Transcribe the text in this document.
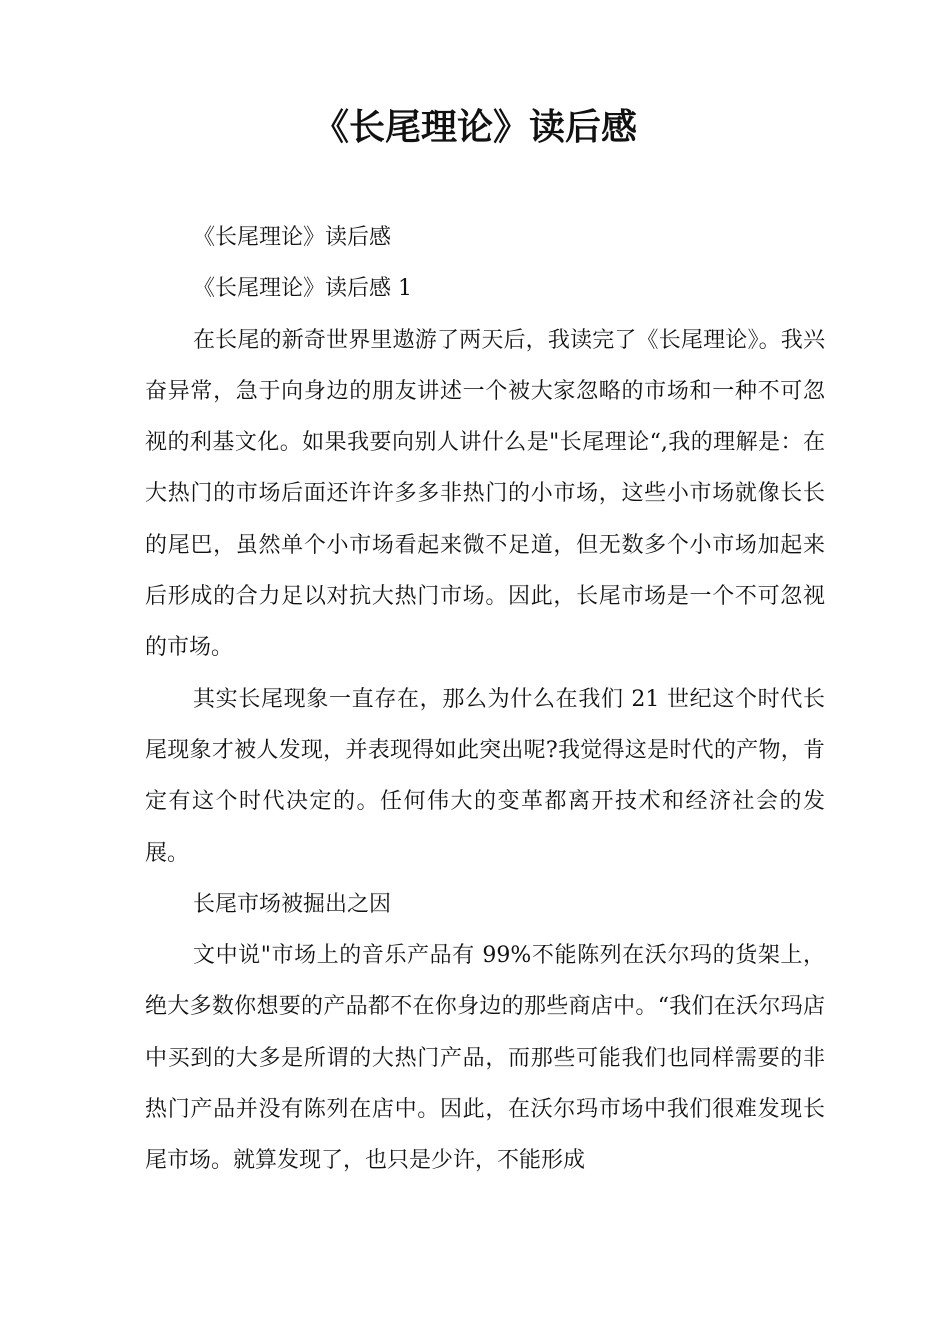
《长尾理论》读后感

《长尾理论》读后感

《长尾理论》读后感 1

在长尾的新奇世界里遨游了两天后，我读完了《长尾理论》。我兴奋异常，急于向身边的朋友讲述一个被大家忽略的市场和一种不可忽视的利基文化。如果我要向别人讲什么是"长尾理论“,我的理解是：在大热门的市场后面还许许多多非热门的小市场，这些小市场就像长长的尾巴，虽然单个小市场看起来微不足道，但无数多个小市场加起来后形成的合力足以对抗大热门市场。因此，长尾市场是一个不可忽视的市场。

其实长尾现象一直存在，那么为什么在我们 21 世纪这个时代长尾现象才被人发现，并表现得如此突出呢?我觉得这是时代的产物，肯定有这个时代决定的。任何伟大的变革都离开技术和经济社会的发展。

长尾市场被掘出之因

文中说"市场上的音乐产品有 99%不能陈列在沃尔玛的货架上，绝大多数你想要的产品都不在你身边的那些商店中。“我们在沃尔玛店中买到的大多是所谓的大热门产品，而那些可能我们也同样需要的非热门产品并没有陈列在店中。因此，在沃尔玛市场中我们很难发现长尾市场。就算发现了，也只是少许，不能形成
